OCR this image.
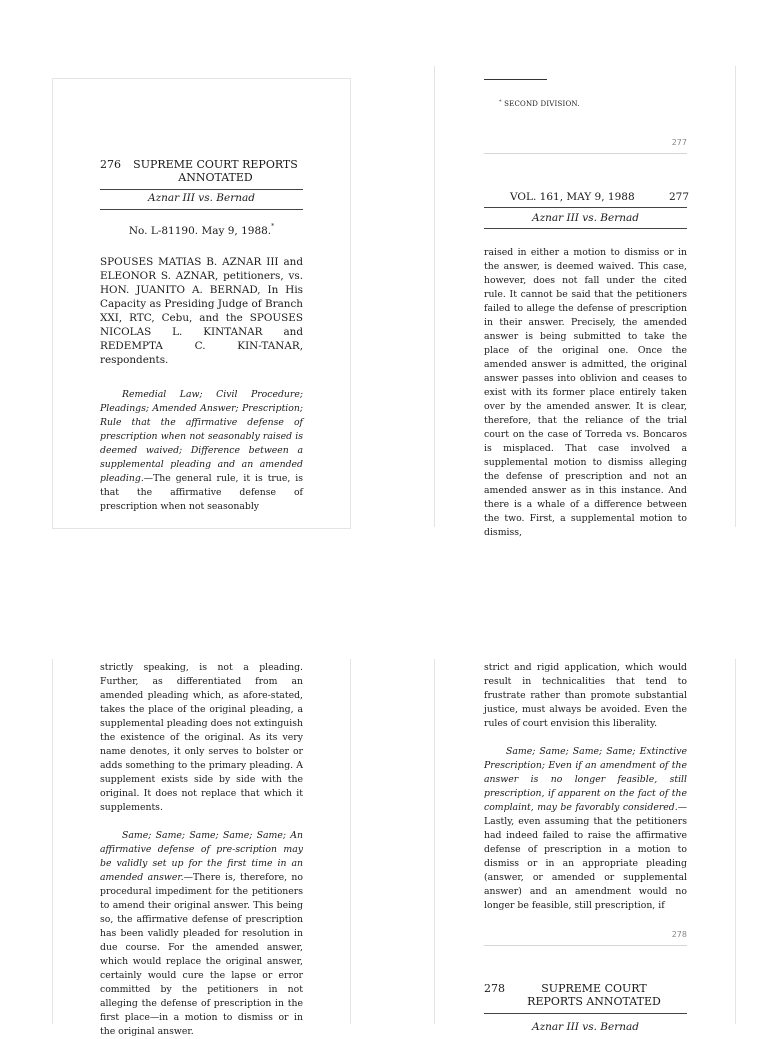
276 SUPREME COURT REPORTS ANNOTATED
Aznar III vs. Bernad
No. L-81190. May 9, 1988.*
SPOUSES MATIAS B. AZNAR III and ELEONOR S. AZNAR, petitioners, vs. HON. JUANITO A. BERNAD, In His Capacity as Presiding Judge of Branch XXI, RTC, Cebu, and the SPOUSES NICOLAS L. KINTANAR and REDEMPTA C. KIN-TANAR, respondents.
Remedial Law; Civil Procedure; Pleadings; Amended Answer; Prescription; Rule that the affirmative defense of prescription when not seasonably raised is deemed waived; Difference between a supplemental pleading and an amended pleading.—The general rule, it is true, is that the affirmative defense of prescription when not seasonably
* SECOND DIVISION.
277
VOL. 161, MAY 9, 1988	277
Aznar III vs. Bernad
raised in either a motion to dismiss or in the answer, is deemed waived. This case, however, does not fall under the cited rule. It cannot be said that the petitioners failed to allege the defense of prescription in their answer. Precisely, the amended answer is being submitted to take the place of the original one. Once the amended answer is admitted, the original answer passes into oblivion and ceases to exist with its former place entirely taken over by the amended answer. It is clear, therefore, that the reliance of the trial court on the case of Torreda vs. Boncaros is misplaced. That case involved a supplemental motion to dismiss alleging the defense of prescription and not an amended answer as in this instance. And there is a whale of a difference between the two. First, a supplemental motion to dismiss,

strictly speaking, is not a pleading. Further, as differentiated from an amended pleading which, as afore-stated, takes the place of the original pleading, a supplemental pleading does not extinguish the existence of the original. As its very name denotes, it only serves to bolster or adds something to the primary pleading. A supplement exists side by side with the original. It does not replace that which it supplements.

Same; Same; Same; Same; Same; An affirmative defense of pre-scription may be validly set up for the first time in an amended answer.—There is, therefore, no procedural impediment for the petitioners to amend their original answer. This being so, the affirmative defense of prescription has been validly pleaded for resolution in due course. For the amended answer, which would replace the original answer, certainly would cure the lapse or error committed by the petitioners in not alleging the defense of prescription in the first place—in a motion to dismiss or in the original answer.

strict and rigid application, which would result in technicalities that tend to frustrate rather than promote substantial justice, must always be avoided. Even the rules of court envision this liberality.

Same; Same; Same; Same; Extinctive Prescription; Even if an amendment of the answer is no longer feasible, still prescription, if apparent on the fact of the complaint, may be favorably considered.—Lastly, even assuming that the petitioners had indeed failed to raise the affirmative defense of prescription in a motion to dismiss or in an appropriate pleading (answer, or amended or supplemental answer) and an amendment would no longer be feasible, still prescription, if

278
278	SUPREME COURT REPORTS ANNOTATED
Aznar III vs. Bernad
